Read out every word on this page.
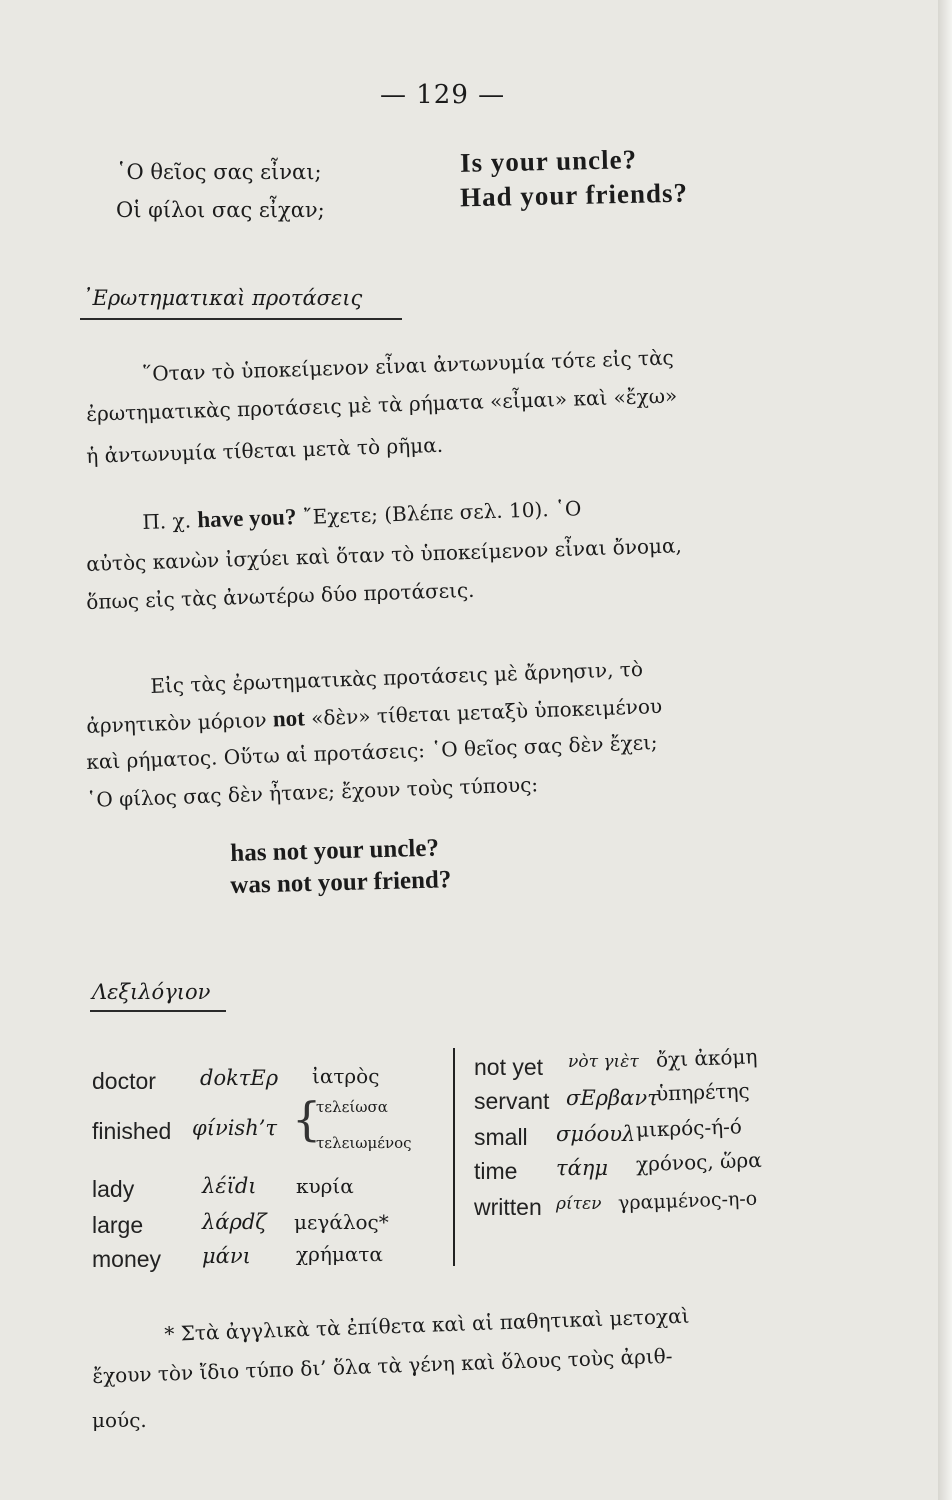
— 129 —
῾Ο θεῖος σας εἶναι;
Οἱ φίλοι σας εἶχαν;
Is your uncle?
Had your friends?
᾽Ερωτηματικαὶ προτάσεις
῞Οταν τὸ ὑποκείμενον εἶναι ἀντωνυμία τότε εἰς τὰς
ἐρωτηματικὰς προτάσεις μὲ τὰ ρήματα «εἶμαι» καὶ «ἔχω»
ἡ ἀντωνυμία τίθεται μετὰ τὸ ρῆμα.
Π. χ. have you? ῎Εχετε; (Βλέπε σελ. 10). ῾Ο
αὐτὸς κανὼν ἰσχύει καὶ ὅταν τὸ ὑποκείμενον εἶναι ὄνομα,
ὅπως εἰς τὰς ἀνωτέρω δύο προτάσεις.
Εἰς τὰς ἐρωτηματικὰς προτάσεις μὲ ἄρνησιν, τὸ
ἀρνητικὸν μόριον not «δὲν» τίθεται μεταξὺ ὑποκειμένου
καὶ ρήματος. Οὕτω αἱ προτάσεις: ῾Ο θεῖος σας δὲν ἔχει;
῾Ο φίλος σας δὲν ἦτανε; ἔχουν τοὺς τύπους:
has not your uncle?
was not your friend?
Λεξιλόγιον
doctor dokτΕρ ἰατρὸς
finished φίνish’τ {
τελείωσα
τελειωμένος
lady	λέϊdι κυρία
large	λάρdζ μεγάλος*
money μάνι χρήματα
not yet νὸτ γιὲτ ὄχι ἀκόμη
servant σΕρβαντ
ὑπηρέτης
small σμόουλ μικρός-ή-ό
time τάημ χρόνος, ὥρα
written ρίτεν γραμμένος-η-ο
* Στὰ ἀγγλικὰ τὰ ἐπίθετα καὶ αἱ παθητικαὶ μετοχαὶ
ἔχουν τὸν ἴδιο τύπο δι’ ὅλα τὰ γένη καὶ ὅλους τοὺς ἀριθ-
μούς.
